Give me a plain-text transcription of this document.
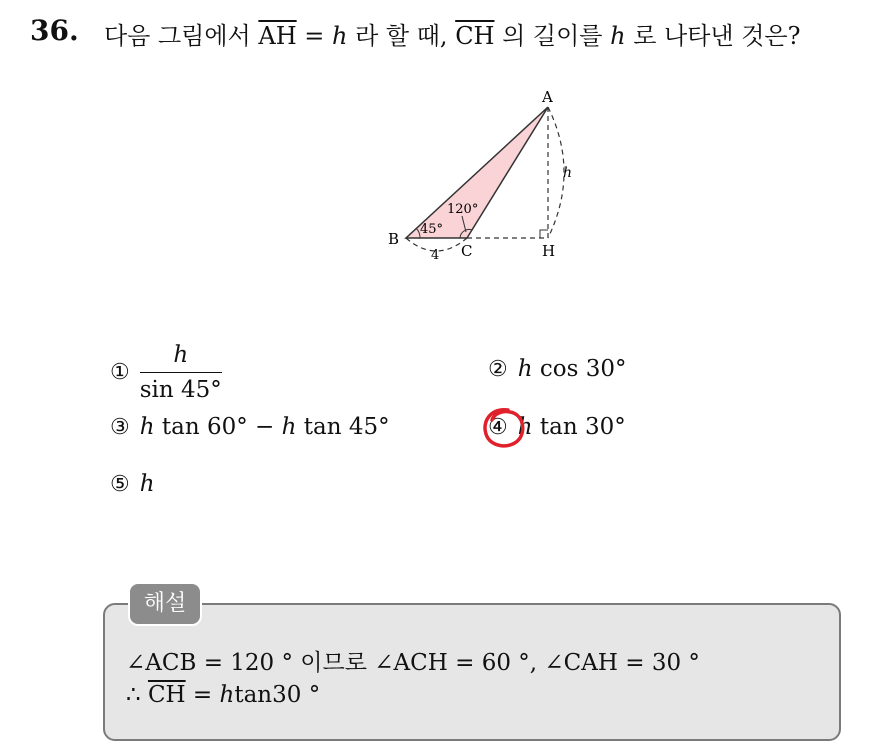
36. 다음 그림에서 $\overline{AH} = h$ 라 할 때, $\overline{CH}$ 의 길이를 h 로 나타낸 것은?
A
B
C	H
h
45°
120°
4
① $\frac{h}{\sin 45^\circ}$	② h cos 30°
③ h tan 60° − h tan 45°	④ h tan 30°
⑤ h
해설
∠ACB = 120 ° 이므로 ∠ACH = 60 °, ∠CAH = 30 °
∴ $\overline{CH} = htan30$ °
